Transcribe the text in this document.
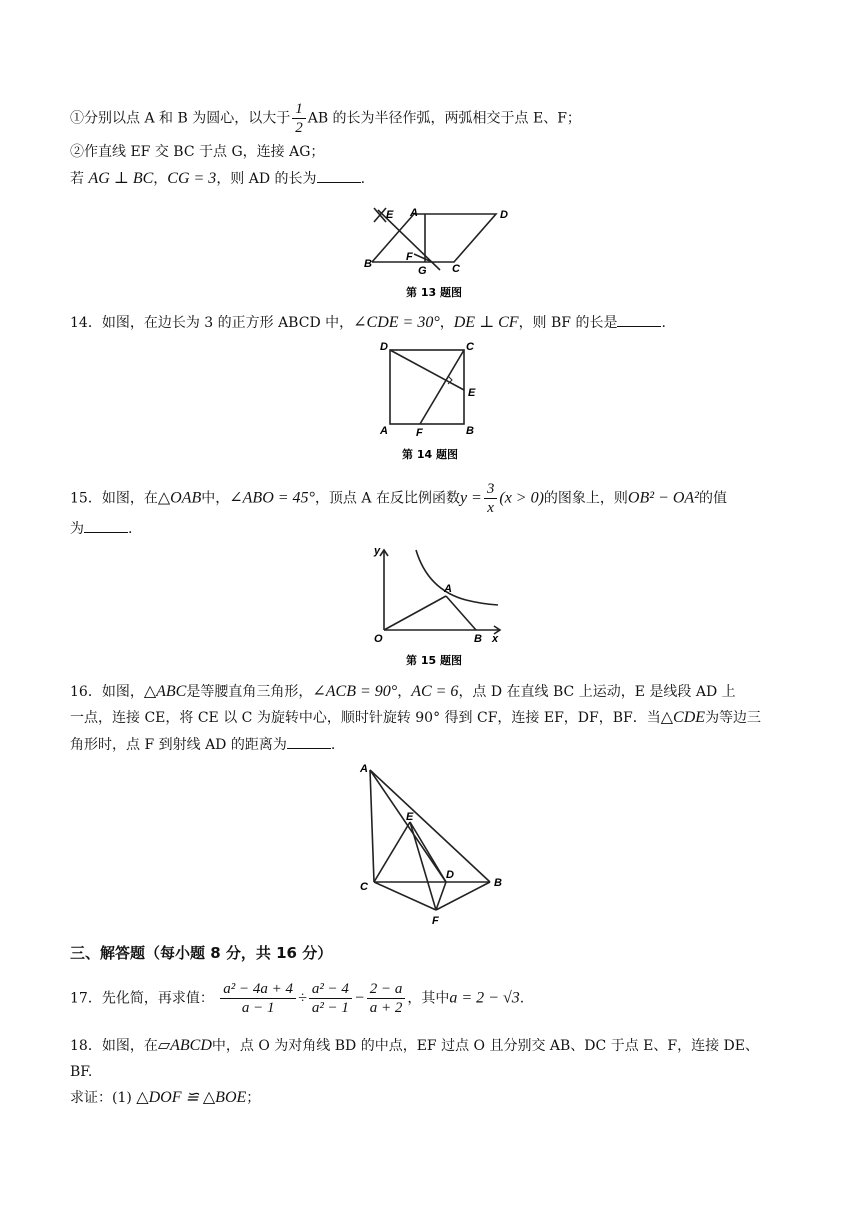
①分别以点 A 和 B 为圆心，以大于 $\frac{1}{2}$ AB 的长为半径作弧，两弧相交于点 E、F；
②作直线 EF 交 BC 于点 G，连接 AG；
若 AG ⊥ BC，CG = 3，则 AD 的长为	.
E A	D
B
F
G C
第 13 题图
14．如图，在边长为 3 的正方形 ABCD 中，∠CDE = 30°，DE ⊥ CF，则 BF 的长是	.
D	C
E
A	F	B
第 14 题图
15．如图，在△OAB中，∠ABO = 45°，顶点 A 在反比例函数$y = \frac{3}{x} (x > 0)$的图象上，则OB² − OA²的值
为	.
y
A
O	B x
第 15 题图
16．如图，△ABC是等腰直角三角形，∠ACB = 90°，AC = 6，点 D 在直线 BC 上运动，E 是线段 AD 上
一点，连接 CE，将 CE 以 C 为旋转中心，顺时针旋转 90° 得到 CF，连接 EF，DF，BF．当△CDE为等边三
角形时，点 F 到射线 AD 的距离为	.
A
E
C
D
B
F
三、解答题（每小题 8 分，共 16 分）
17．先化简，再求值： $\frac{\text{a² − 4a + 4}}{a - 1} \div \frac{\text{a² − 4}}{\text{a² − 1}} - \frac{2 - a}{a + 2}$ ，其中a = 2 − √3.
18．如图，在▱ABCD中，点 O 为对角线 BD 的中点，EF 过点 O 且分别交 AB、DC 于点 E、F，连接 DE、
BF.
求证：(1) △DOF ≌ △BOE；
